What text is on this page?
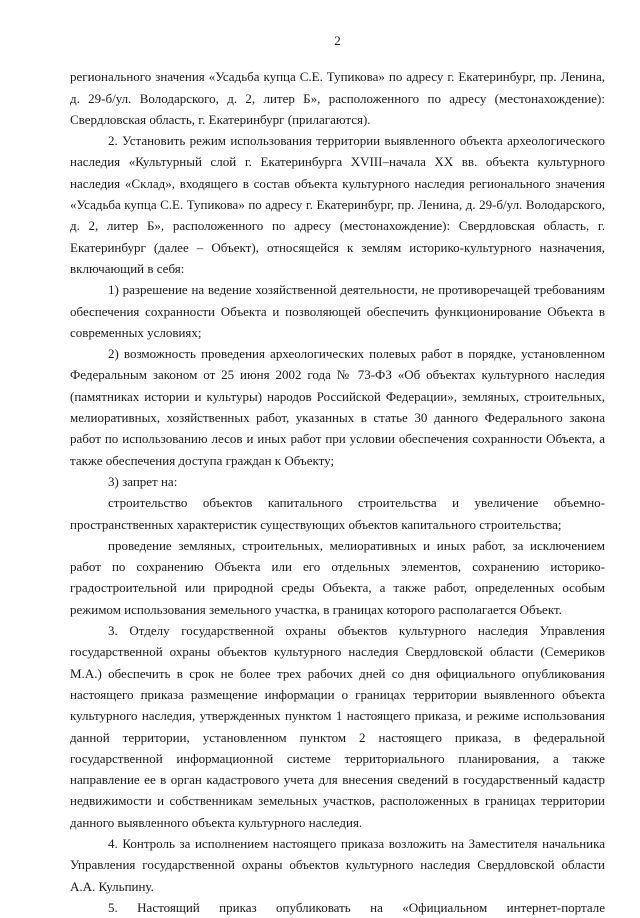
2

регионального значения «Усадьба купца С.Е. Тупикова» по адресу г. Екатеринбург, пр. Ленина, д. 29-б/ул. Володарского, д. 2, литер Б», расположенного по адресу (местонахождение): Свердловская область, г. Екатеринбург (прилагаются).

2. Установить режим использования территории выявленного объекта археологического наследия «Культурный слой г. Екатеринбурга XVIII–начала XX вв. объекта культурного наследия «Склад», входящего в состав объекта культурного наследия регионального значения «Усадьба купца С.Е. Тупикова» по адресу г. Екатеринбург, пр. Ленина, д. 29-б/ул. Володарского, д. 2, литер Б», расположенного по адресу (местонахождение): Свердловская область, г. Екатеринбург (далее – Объект), относящейся к землям историко-культурного назначения, включающий в себя:

1) разрешение на ведение хозяйственной деятельности, не противоречащей требованиям обеспечения сохранности Объекта и позволяющей обеспечить функционирование Объекта в современных условиях;

2) возможность проведения археологических полевых работ в порядке, установленном Федеральным законом от 25 июня 2002 года № 73-ФЗ «Об объектах культурного наследия (памятниках истории и культуры) народов Российской Федерации», земляных, строительных, мелиоративных, хозяйственных работ, указанных в статье 30 данного Федерального закона работ по использованию лесов и иных работ при условии обеспечения сохранности Объекта, а также обеспечения доступа граждан к Объекту;

3) запрет на:

строительство объектов капитального строительства и увеличение объемно-пространственных характеристик существующих объектов капитального строительства;

проведение земляных, строительных, мелиоративных и иных работ, за исключением работ по сохранению Объекта или его отдельных элементов, сохранению историко-градостроительной или природной среды Объекта, а также работ, определенных особым режимом использования земельного участка, в границах которого располагается Объект.

3. Отделу государственной охраны объектов культурного наследия Управления государственной охраны объектов культурного наследия Свердловской области (Семериков М.А.) обеспечить в срок не более трех рабочих дней со дня официального опубликования настоящего приказа размещение информации о границах территории выявленного объекта культурного наследия, утвержденных пунктом 1 настоящего приказа, и режиме использования данной территории, установленном пунктом 2 настоящего приказа, в федеральной государственной информационной системе территориального планирования, а также направление ее в орган кадастрового учета для внесения сведений в государственный кадастр недвижимости и собственникам земельных участков, расположенных в границах территории данного выявленного объекта культурного наследия.

4. Контроль за исполнением настоящего приказа возложить на Заместителя начальника Управления государственной охраны объектов культурного наследия Свердловской области А.А. Кульпину.

5. Настоящий приказ опубликовать на «Официальном интернет-портале
